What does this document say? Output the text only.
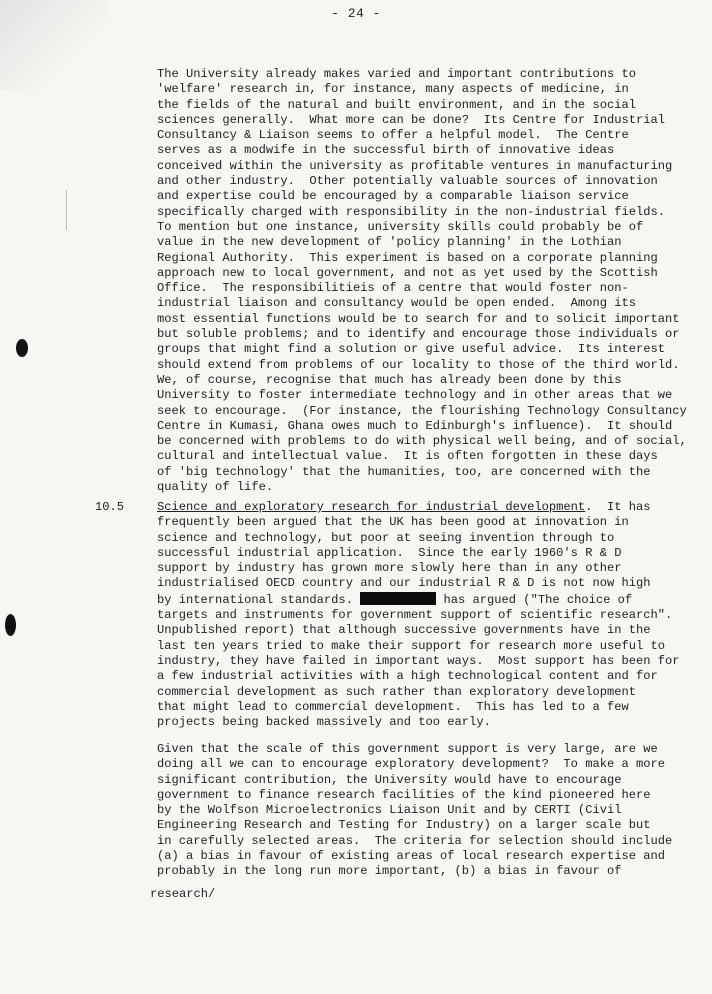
- 24 -
The University already makes varied and important contributions to
'welfare' research in, for instance, many aspects of medicine, in
the fields of the natural and built environment, and in the social
sciences generally.  What more can be done?  Its Centre for Industrial
Consultancy & Liaison seems to offer a helpful model.  The Centre
serves as a modwife in the successful birth of innovative ideas
conceived within the university as profitable ventures in manufacturing
and other industry.  Other potentially valuable sources of innovation
and expertise could be encouraged by a comparable liaison service
specifically charged with responsibility in the non-industrial fields.
To mention but one instance, university skills could probably be of
value in the new development of 'policy planning' in the Lothian
Regional Authority.  This experiment is based on a corporate planning
approach new to local government, and not as yet used by the Scottish
Office.  The responsibilitieis of a centre that would foster non-
industrial liaison and consultancy would be open ended.  Among its
most essential functions would be to search for and to solicit important
but soluble problems; and to identify and encourage those individuals or
groups that might find a solution or give useful advice.  Its interest
should extend from problems of our locality to those of the third world.
We, of course, recognise that much has already been done by this
University to foster intermediate technology and in other areas that we
seek to encourage.  (For instance, the flourishing Technology Consultancy
Centre in Kumasi, Ghana owes much to Edinburgh's influence).  It should
be concerned with problems to do with physical well being, and of social,
cultural and intellectual value.  It is often forgotten in these days
of 'big technology' that the humanities, too, are concerned with the
quality of life.
10.5	Science and exploratory research for industrial development.  It has
frequently been argued that the UK has been good at innovation in
science and technology, but poor at seeing invention through to
successful industrial application.  Since the early 1960's R & D
support by industry has grown more slowly here than in any other
industrialised OECD country and our industrial R & D is not now high
by international standards.	has argued ("The choice of
targets and instruments for government support of scientific research".
Unpublished report) that although successive governments have in the
last ten years tried to make their support for research more useful to
industry, they have failed in important ways.  Most support has been for
a few industrial activities with a high technological content and for
commercial development as such rather than exploratory development
that might lead to commercial development.  This has led to a few
projects being backed massively and too early.
Given that the scale of this government support is very large, are we
doing all we can to encourage exploratory development?  To make a more
significant contribution, the University would have to encourage
government to finance research facilities of the kind pioneered here
by the Wolfson Microelectronics Liaison Unit and by CERTI (Civil
Engineering Research and Testing for Industry) on a larger scale but
in carefully selected areas.  The criteria for selection should include
(a) a bias in favour of existing areas of local research expertise and
probably in the long run more important, (b) a bias in favour of
research/
